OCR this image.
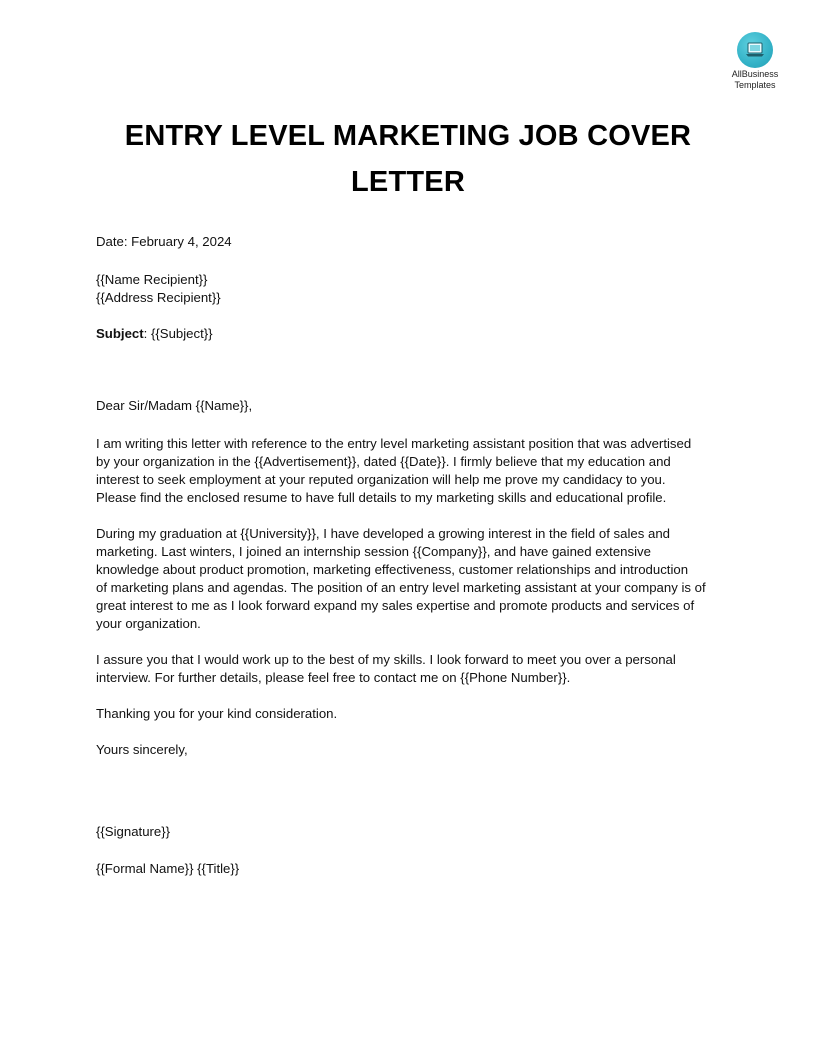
AllBusiness
Templates
ENTRY LEVEL MARKETING JOB COVER
LETTER
Date: February 4, 2024
{{Name Recipient}}
{{Address Recipient}}
Subject: {{Subject}}
Dear Sir/Madam {{Name}},
I am writing this letter with reference to the entry level marketing assistant position that was advertised
by your organization in the {{Advertisement}}, dated {{Date}}. I firmly believe that my education and
interest to seek employment at your reputed organization will help me prove my candidacy to you.
Please find the enclosed resume to have full details to my marketing skills and educational profile.
During my graduation at {{University}}, I have developed a growing interest in the field of sales and
marketing. Last winters, I joined an internship session {{Company}}, and have gained extensive
knowledge about product promotion, marketing effectiveness, customer relationships and introduction
of marketing plans and agendas. The position of an entry level marketing assistant at your company is of
great interest to me as I look forward expand my sales expertise and promote products and services of
your organization.
I assure you that I would work up to the best of my skills. I look forward to meet you over a personal
interview. For further details, please feel free to contact me on {{Phone Number}}.
Thanking you for your kind consideration.
Yours sincerely,
{{Signature}}
{{Formal Name}} {{Title}}
